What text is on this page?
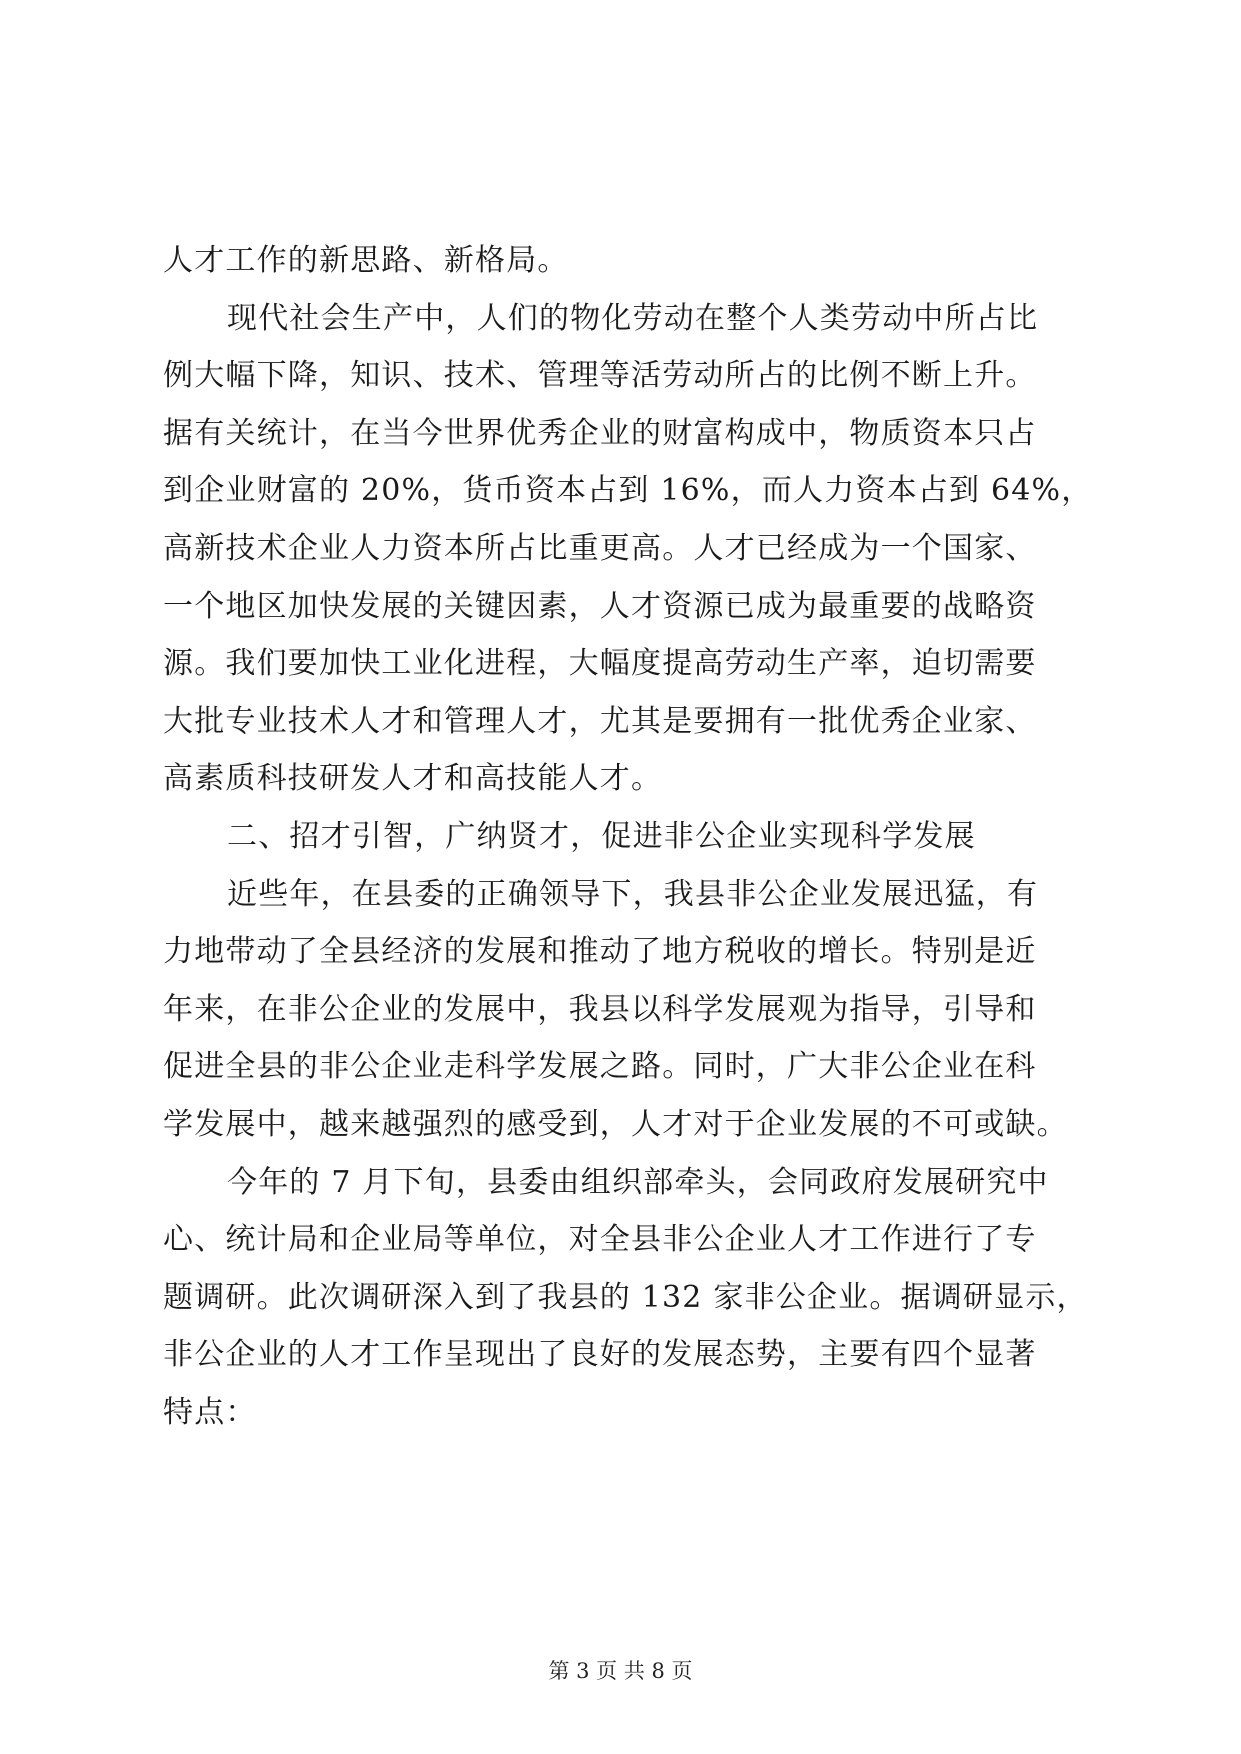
人才工作的新思路、新格局。
现代社会生产中，人们的物化劳动在整个人类劳动中所占比
例大幅下降，知识、技术、管理等活劳动所占的比例不断上升。
据有关统计，在当今世界优秀企业的财富构成中，物质资本只占
到企业财富的 20%，货币资本占到 16%，而人力资本占到 64%，
高新技术企业人力资本所占比重更高。人才已经成为一个国家、
一个地区加快发展的关键因素，人才资源已成为最重要的战略资
源。我们要加快工业化进程，大幅度提高劳动生产率，迫切需要
大批专业技术人才和管理人才，尤其是要拥有一批优秀企业家、
高素质科技研发人才和高技能人才。
二、招才引智，广纳贤才，促进非公企业实现科学发展
近些年，在县委的正确领导下，我县非公企业发展迅猛，有
力地带动了全县经济的发展和推动了地方税收的增长。特别是近
年来，在非公企业的发展中，我县以科学发展观为指导，引导和
促进全县的非公企业走科学发展之路。同时，广大非公企业在科
学发展中，越来越强烈的感受到，人才对于企业发展的不可或缺。
今年的 7 月下旬，县委由组织部牵头，会同政府发展研究中
心、统计局和企业局等单位，对全县非公企业人才工作进行了专
题调研。此次调研深入到了我县的 132 家非公企业。据调研显示，
非公企业的人才工作呈现出了良好的发展态势，主要有四个显著
特点：
第 3 页 共 8 页
